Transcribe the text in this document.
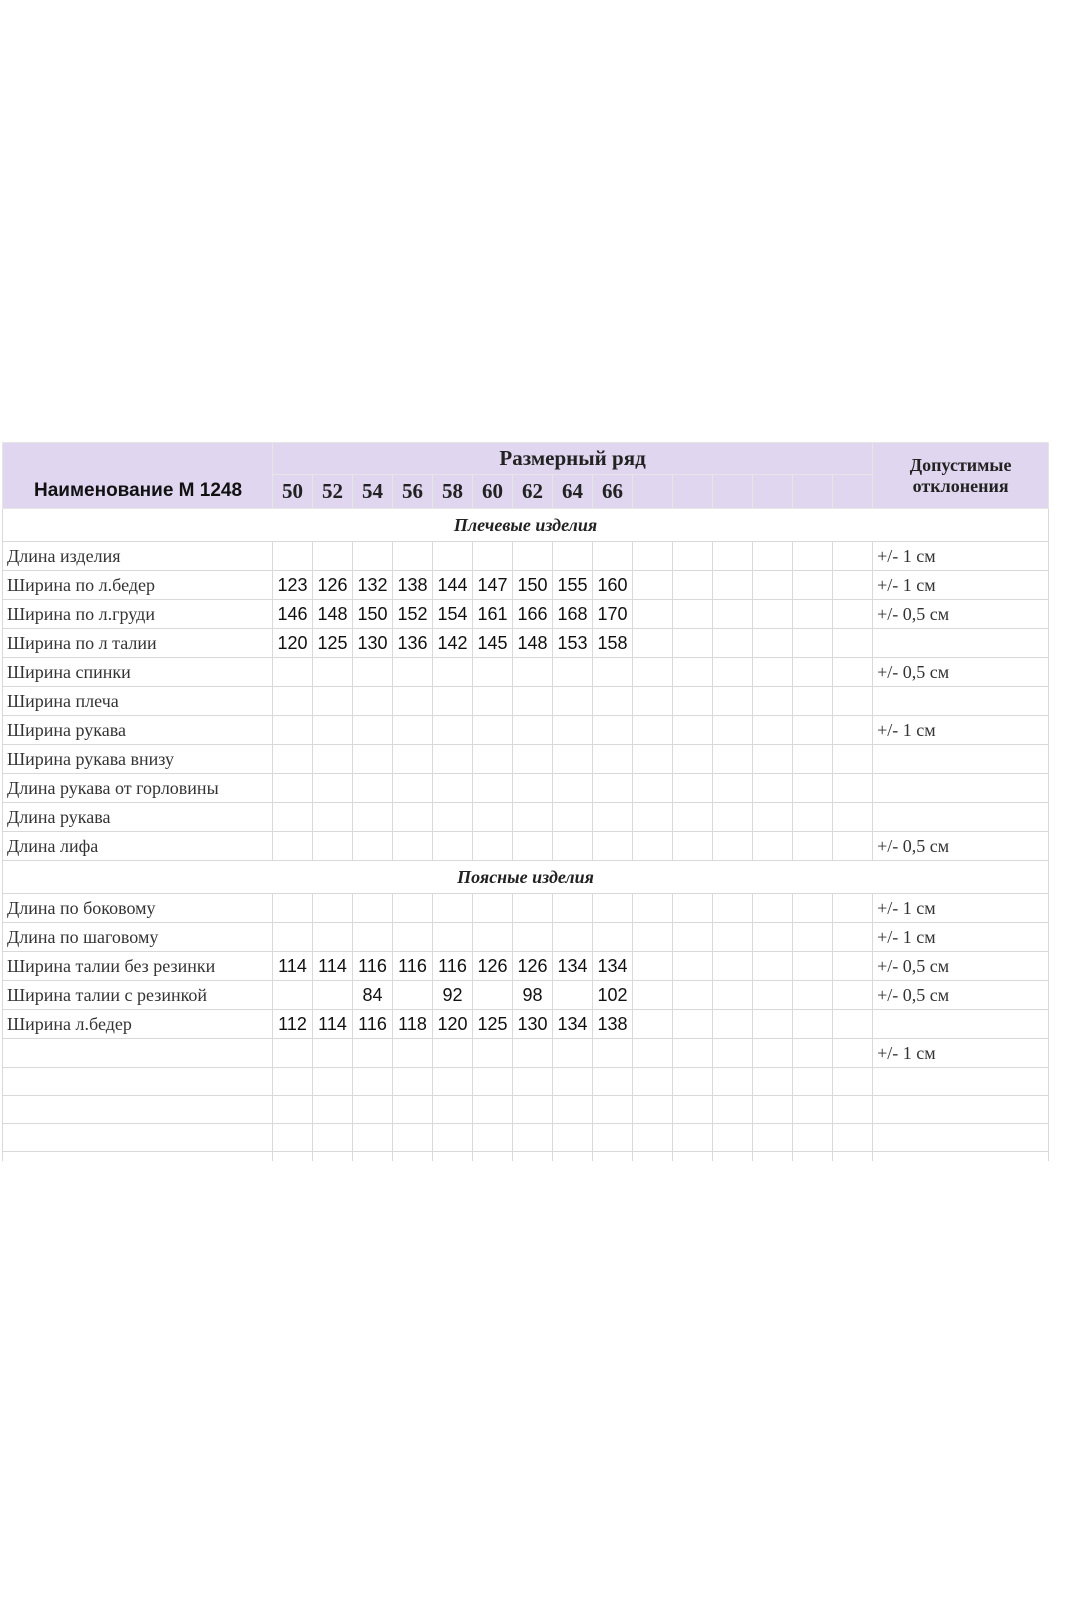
Наименование М 1248	Размерный ряд															Допустимые отклонения
	50	52	54	56	58	60	62	64	66							
Плечевые изделия																
Длина изделия																+/- 1 см
Ширина по л.бедер	123	126	132	138	144	147	150	155	160							+/- 1 см
Ширина по л.груди	146	148	150	152	154	161	166	168	170							+/- 0,5 см
Ширина по л талии	120	125	130	136	142	145	148	153	158							
Ширина спинки																+/- 0,5 см
Ширина плеча																
Ширина рукава																+/- 1 см
Ширина рукава внизу																
Длина рукава от горловины																
Длина рукава																
Длина лифа																+/- 0,5 см
Поясные изделия																
Длина по боковому																+/- 1 см
Длина по шаговому																+/- 1 см
Ширина талии без резинки	114	114	116	116	116	126	126	134	134							+/- 0,5 см
Ширина талии с резинкой			84		92		98		102							+/- 0,5 см
Ширина л.бедер	112	114	116	118	120	125	130	134	138							
																+/- 1 см
